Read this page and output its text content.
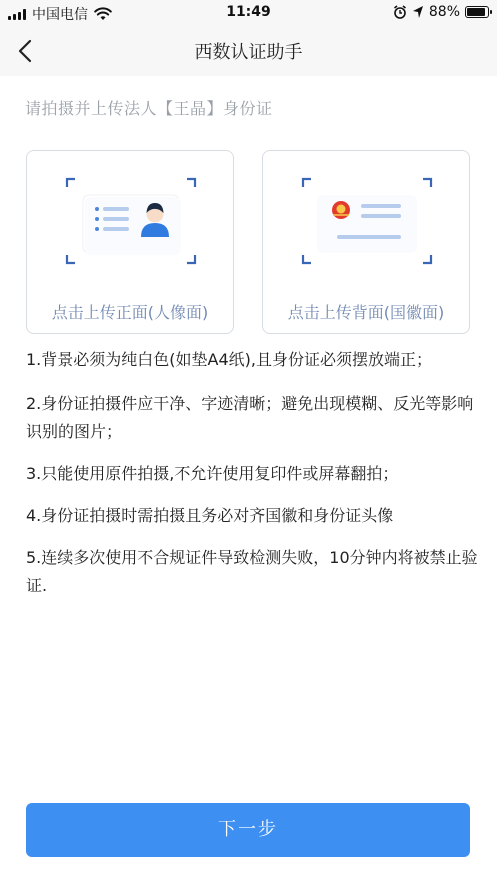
中国电信	11:49	88%
西数认证助手
请拍摄并上传法人【王晶】身份证
点击上传正面(人像面)	点击上传背面(国徽面)

1.背景必须为纯白色(如垫A4纸),且身份证必须摆放端正；

2.身份证拍摄件应干净、字迹清晰；避免出现模糊、反光等影响识别的图片；

3.只能使用原件拍摄,不允许使用复印件或屏幕翻拍；

4.身份证拍摄时需拍摄且务必对齐国徽和身份证头像

5.连续多次使用不合规证件导致检测失败，10分钟内将被禁止验证.

下一步
